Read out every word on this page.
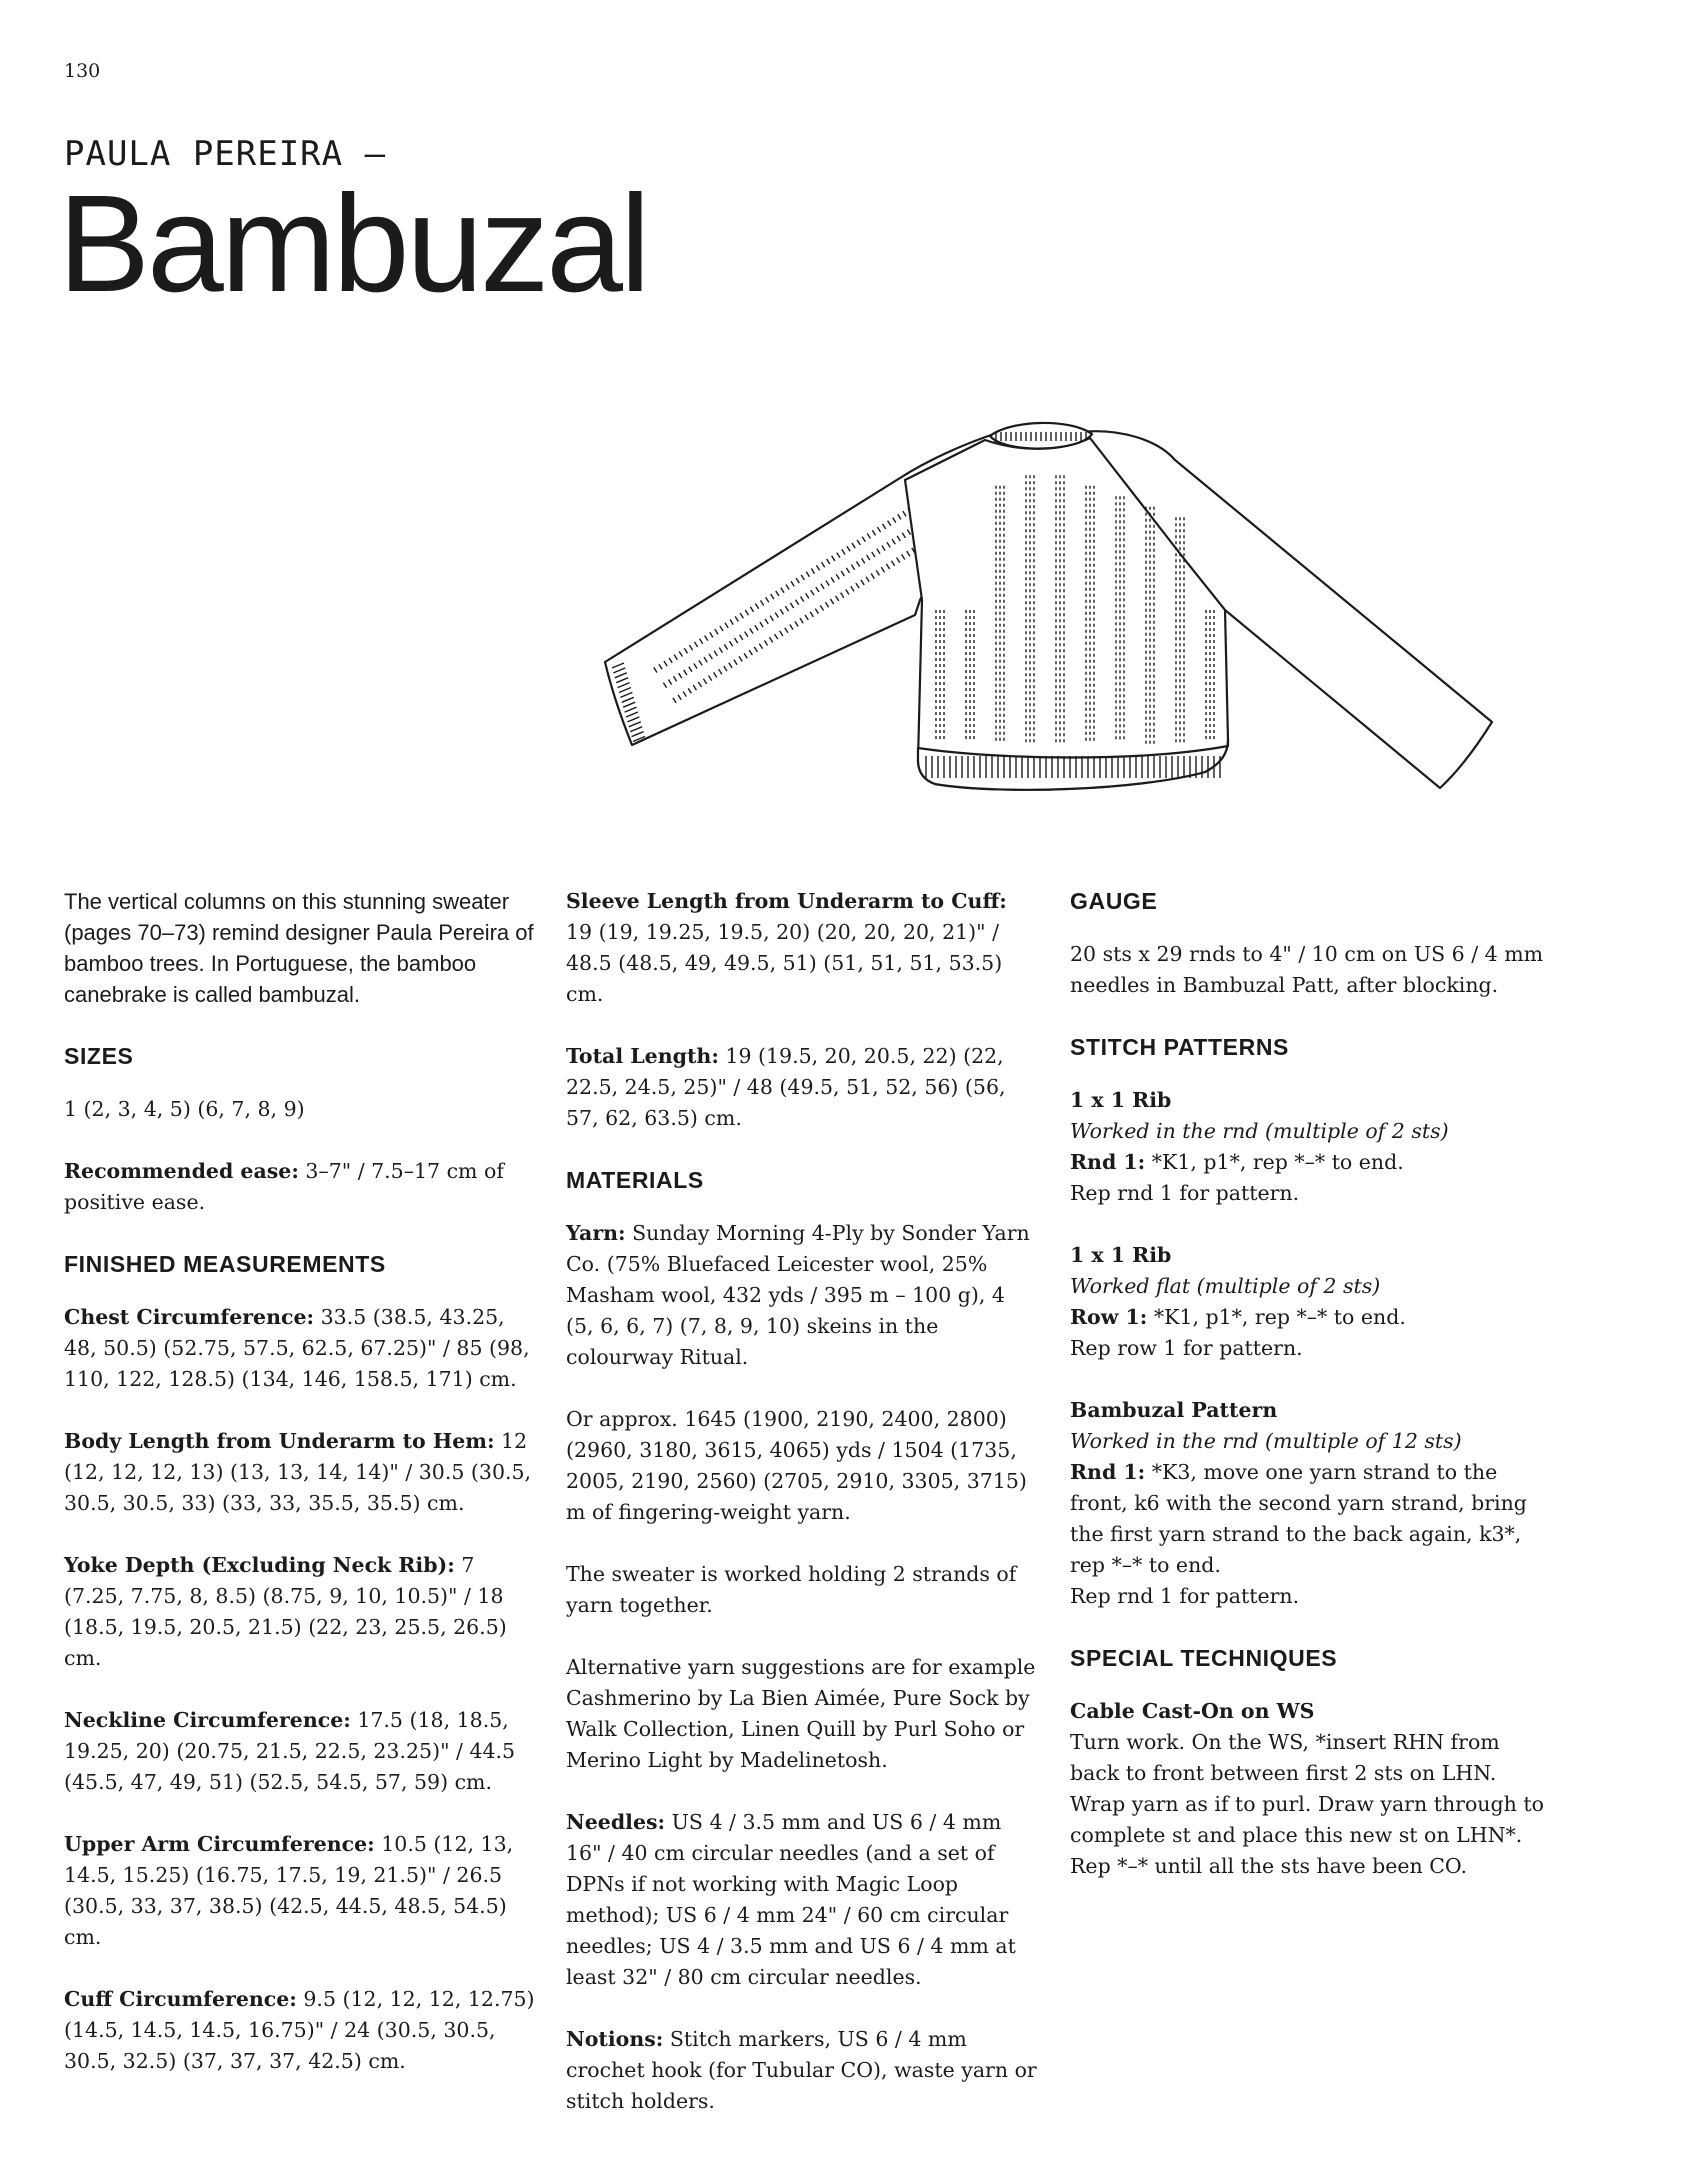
130
PAULA PEREIRA —
Bambuzal

The vertical columns on this stunning sweater (pages 70–73) remind designer Paula Pereira of bamboo trees. In Portuguese, the bamboo canebrake is called bambuzal.

SIZES

1 (2, 3, 4, 5) (6, 7, 8, 9)

Recommended ease: 3–7" / 7.5–17 cm of positive ease.

FINISHED MEASUREMENTS

Chest Circumference: 33.5 (38.5, 43.25, 48, 50.5) (52.75, 57.5, 62.5, 67.25)" / 85 (98, 110, 122, 128.5) (134, 146, 158.5, 171) cm.

Body Length from Underarm to Hem: 12 (12, 12, 12, 13) (13, 13, 14, 14)" / 30.5 (30.5, 30.5, 30.5, 33) (33, 33, 35.5, 35.5) cm.

Yoke Depth (Excluding Neck Rib): 7 (7.25, 7.75, 8, 8.5) (8.75, 9, 10, 10.5)" / 18 (18.5, 19.5, 20.5, 21.5) (22, 23, 25.5, 26.5) cm.

Neckline Circumference: 17.5 (18, 18.5, 19.25, 20) (20.75, 21.5, 22.5, 23.25)" / 44.5 (45.5, 47, 49, 51) (52.5, 54.5, 57, 59) cm.

Upper Arm Circumference: 10.5 (12, 13, 14.5, 15.25) (16.75, 17.5, 19, 21.5)" / 26.5 (30.5, 33, 37, 38.5) (42.5, 44.5, 48.5, 54.5) cm.

Cuff Circumference: 9.5 (12, 12, 12, 12.75) (14.5, 14.5, 14.5, 16.75)" / 24 (30.5, 30.5, 30.5, 32.5) (37, 37, 37, 42.5) cm.

Sleeve Length from Underarm to Cuff: 19 (19, 19.25, 19.5, 20) (20, 20, 20, 21)" / 48.5 (48.5, 49, 49.5, 51) (51, 51, 51, 53.5) cm.

Total Length: 19 (19.5, 20, 20.5, 22) (22, 22.5, 24.5, 25)" / 48 (49.5, 51, 52, 56) (56, 57, 62, 63.5) cm.

MATERIALS

Yarn: Sunday Morning 4-Ply by Sonder Yarn Co. (75% Bluefaced Leicester wool, 25% Masham wool, 432 yds / 395 m – 100 g), 4 (5, 6, 6, 7) (7, 8, 9, 10) skeins in the colourway Ritual.

Or approx. 1645 (1900, 2190, 2400, 2800) (2960, 3180, 3615, 4065) yds / 1504 (1735, 2005, 2190, 2560) (2705, 2910, 3305, 3715) m of fingering-weight yarn.

The sweater is worked holding 2 strands of yarn together.

Alternative yarn suggestions are for example Cashmerino by La Bien Aimée, Pure Sock by Walk Collection, Linen Quill by Purl Soho or Merino Light by Madelinetosh.

Needles: US 4 / 3.5 mm and US 6 / 4 mm 16" / 40 cm circular needles (and a set of DPNs if not working with Magic Loop method); US 6 / 4 mm 24" / 60 cm circular needles; US 4 / 3.5 mm and US 6 / 4 mm at least 32" / 80 cm circular needles.

Notions: Stitch markers, US 6 / 4 mm crochet hook (for Tubular CO), waste yarn or stitch holders.

GAUGE

20 sts x 29 rnds to 4" / 10 cm on US 6 / 4 mm needles in Bambuzal Patt, after blocking.

STITCH PATTERNS

1 x 1 Rib
Worked in the rnd (multiple of 2 sts)
Rnd 1: *K1, p1*, rep *–* to end.
Rep rnd 1 for pattern.

1 x 1 Rib
Worked flat (multiple of 2 sts)
Row 1: *K1, p1*, rep *–* to end.
Rep row 1 for pattern.

Bambuzal Pattern
Worked in the rnd (multiple of 12 sts)
Rnd 1: *K3, move one yarn strand to the front, k6 with the second yarn strand, bring the first yarn strand to the back again, k3*, rep *–* to end.
Rep rnd 1 for pattern.

SPECIAL TECHNIQUES

Cable Cast-On on WS
Turn work. On the WS, *insert RHN from back to front between first 2 sts on LHN. Wrap yarn as if to purl. Draw yarn through to complete st and place this new st on LHN*. Rep *–* until all the sts have been CO.
